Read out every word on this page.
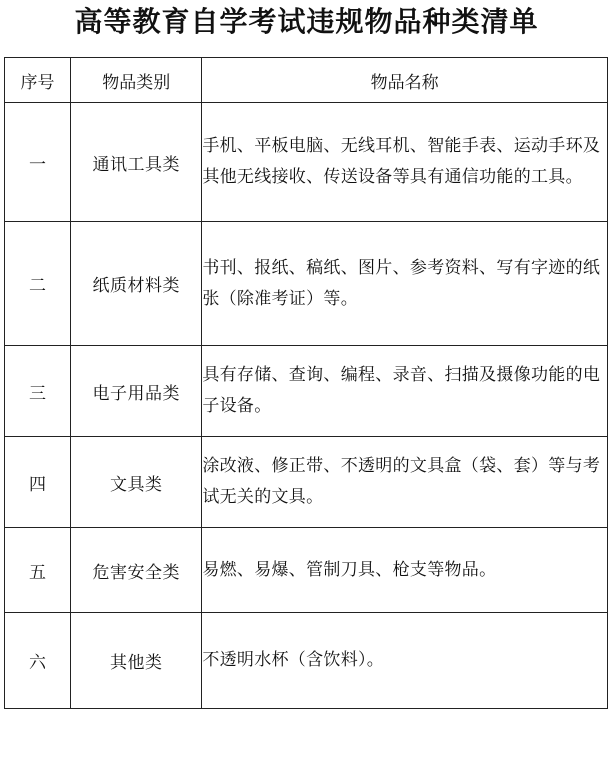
高等教育自学考试违规物品种类清单
序号	物品类别	物品名称
一	通讯工具类	手机、平板电脑、无线耳机、智能手表、运动手环及其他无线接收、传送设备等具有通信功能的工具。
二	纸质材料类	书刊、报纸、稿纸、图片、参考资料、写有字迹的纸张（除准考证）等。
三	电子用品类	具有存储、查询、编程、录音、扫描及摄像功能的电子设备。
四	文具类	涂改液、修正带、不透明的文具盒（袋、套）等与考试无关的文具。
五	危害安全类	易燃、易爆、管制刀具、枪支等物品。
六	其他类	不透明水杯（含饮料）。
